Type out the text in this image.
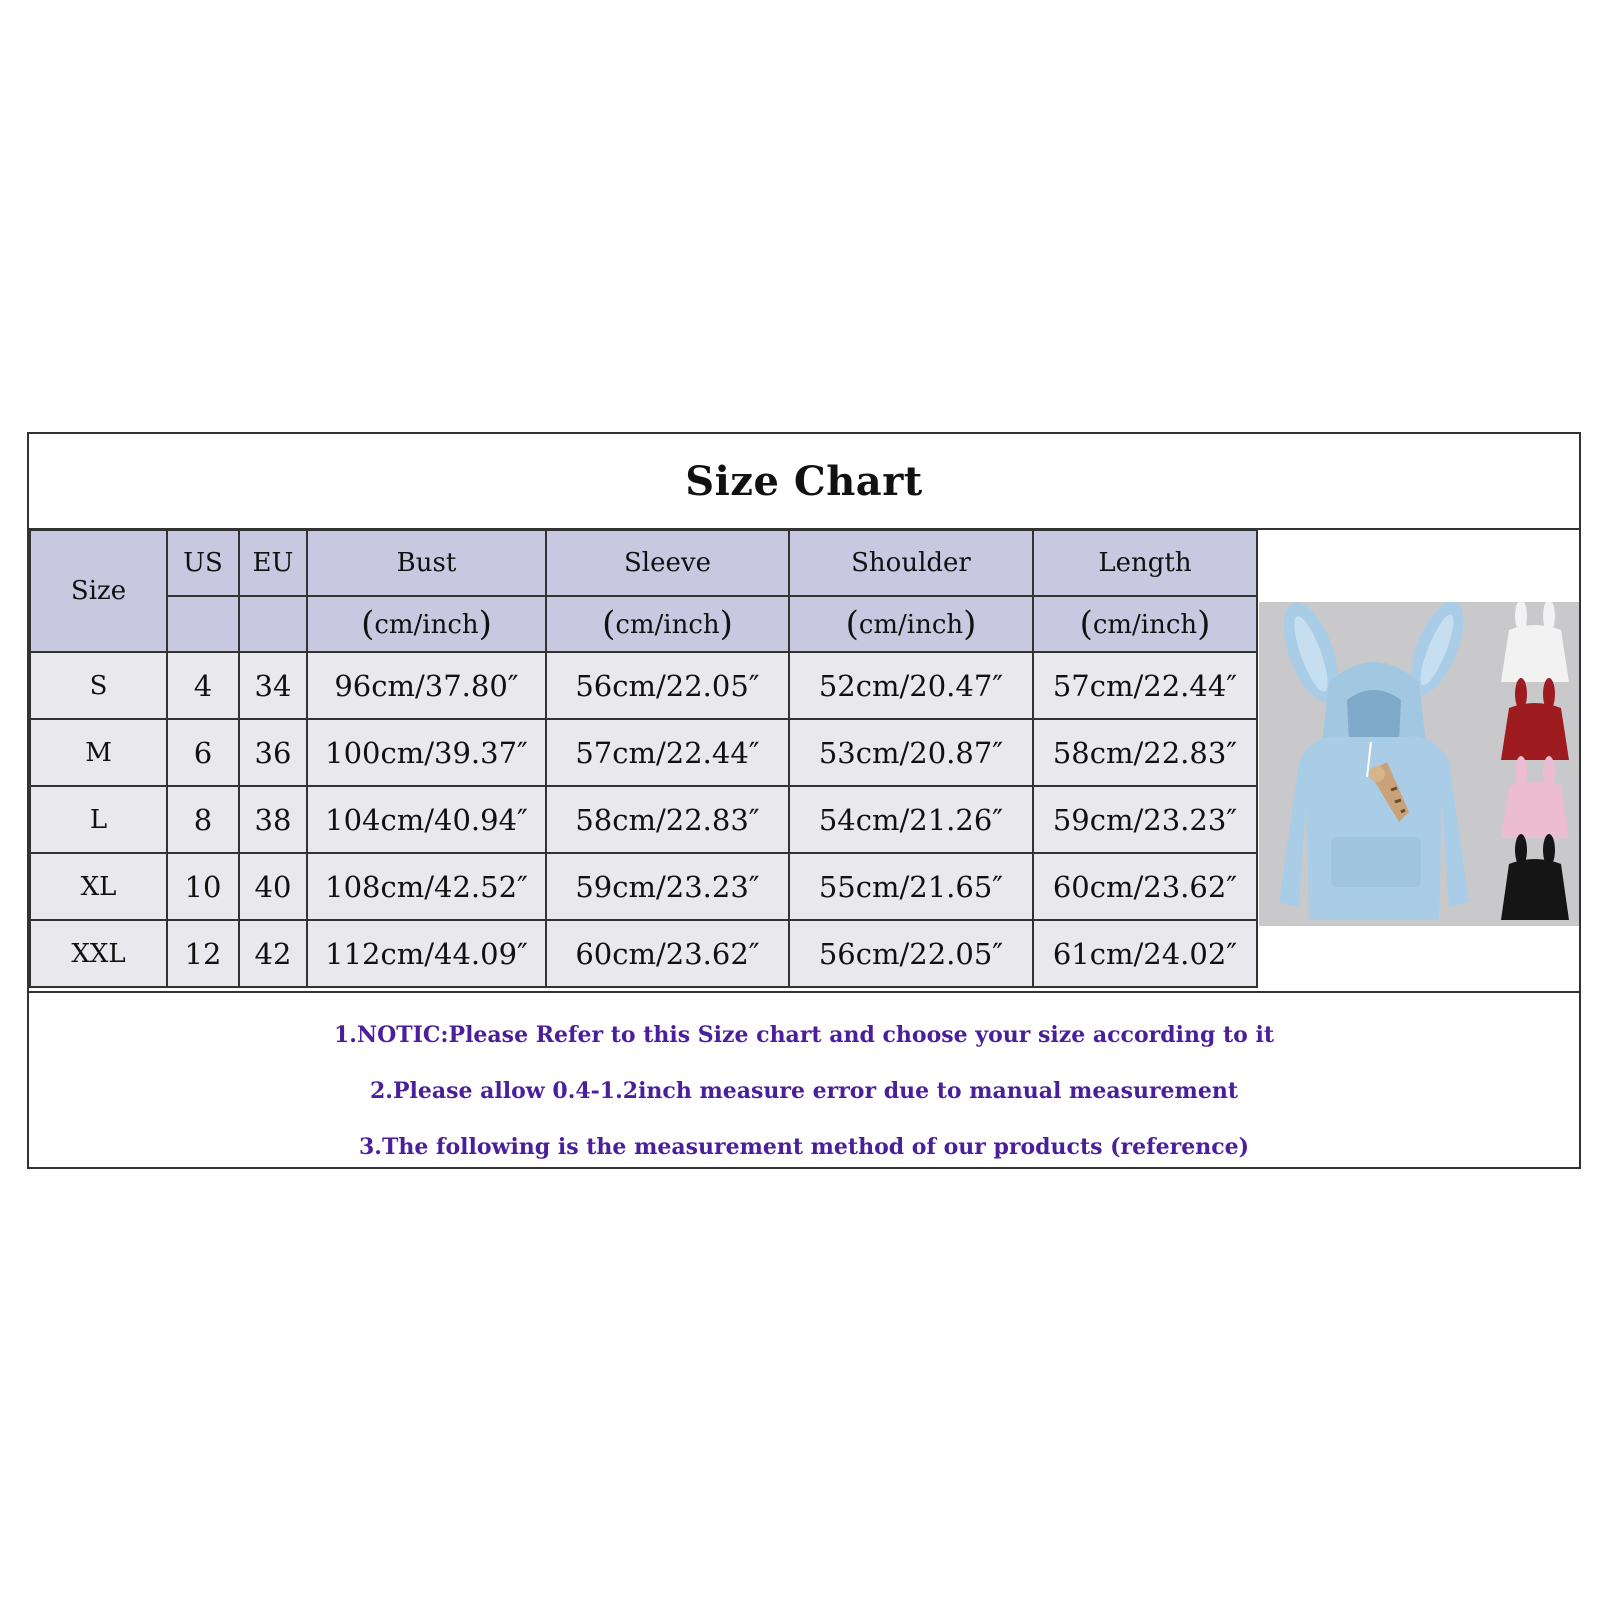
Size Chart
Size	US	EU	Bust	Sleeve	Shoulder	Length
			(cm/inch)	(cm/inch)	(cm/inch)	(cm/inch)
S	4	34	96cm/37.80″	56cm/22.05″	52cm/20.47″	57cm/22.44″
M	6	36	100cm/39.37″	57cm/22.44″	53cm/20.87″	58cm/22.83″
L	8	38	104cm/40.94″	58cm/22.83″	54cm/21.26″	59cm/23.23″
XL	10	40	108cm/42.52″	59cm/23.23″	55cm/21.65″	60cm/23.62″
XXL	12	42	112cm/44.09″	60cm/23.62″	56cm/22.05″	61cm/24.02″
1.NOTIC:Please Refer to this Size chart and choose your size according to it
2.Please allow 0.4-1.2inch measure error due to manual measurement
3.The following is the measurement method of our products (reference)
